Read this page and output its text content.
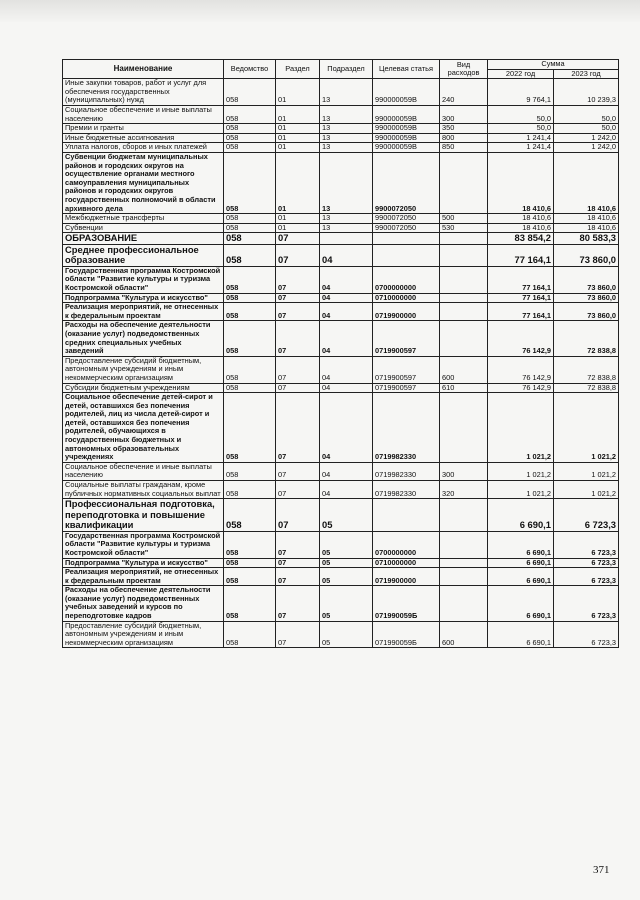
Наименование	Ведомство	Раздел	Подраздел	Целевая статья	Вид расходов	Сумма	
						2022 год	2023 год
Иные закупки товаров, работ и услуг для обеспечения государственных (муниципальных) нужд	058	01	13	990000059В	240	9 764,1	10 239,3
Социальное обеспечение и иные выплаты населению	058	01	13	990000059В	300	50,0	50,0
Премии и гранты	058	01	13	990000059В	350	50,0	50,0
Иные бюджетные ассигнования	058	01	13	990000059В	800	1 241,4	1 242,0
Уплата налогов, сборов и иных платежей	058	01	13	990000059В	850	1 241,4	1 242,0
Субвенции бюджетам муниципальных районов и городских округов на осуществление органами местного самоуправления муниципальных районов и городских округов государственных полномочий в области архивного дела	058	01	13	9900072050		18 410,6	18 410,6
Межбюджетные трансферты	058	01	13	9900072050	500	18 410,6	18 410,6
Субвенции	058	01	13	9900072050	530	18 410,6	18 410,6
ОБРАЗОВАНИЕ	058	07				83 854,2	80 583,3
Среднее профессиональное образование	058	07	04			77 164,1	73 860,0
Государственная программа Костромской области "Развитие культуры и туризма Костромской области"	058	07	04	0700000000		77 164,1	73 860,0
Подпрограмма "Культура и искусство"	058	07	04	0710000000		77 164,1	73 860,0
Реализация мероприятий, не отнесенных к федеральным проектам	058	07	04	0719900000		77 164,1	73 860,0
Расходы на обеспечение деятельности (оказание услуг) подведомственных средних специальных учебных заведений	058	07	04	0719900597		76 142,9	72 838,8
Предоставление субсидий бюджетным, автономным учреждениям и иным некоммерческим организациям	058	07	04	0719900597	600	76 142,9	72 838,8
Субсидии бюджетным учреждениям	058	07	04	0719900597	610	76 142,9	72 838,8
Социальное обеспечение детей-сирот и детей, оставшихся без попечения родителей, лиц из числа детей-сирот и детей, оставшихся без попечения родителей, обучающихся в государственных бюджетных и автономных образовательных учреждениях	058	07	04	0719982330		1 021,2	1 021,2
Социальное обеспечение и иные выплаты населению	058	07	04	0719982330	300	1 021,2	1 021,2
Социальные выплаты гражданам, кроме публичных нормативных социальных выплат	058	07	04	0719982330	320	1 021,2	1 021,2
Профессиональная подготовка, переподготовка и повышение квалификации	058	07	05			6 690,1	6 723,3
Государственная программа Костромской области "Развитие культуры и туризма Костромской области"	058	07	05	0700000000		6 690,1	6 723,3
Подпрограмма "Культура и искусство"	058	07	05	0710000000		6 690,1	6 723,3
Реализация мероприятий, не отнесенных к федеральным проектам	058	07	05	0719900000		6 690,1	6 723,3
Расходы на обеспечение деятельности (оказание услуг) подведомственных учебных заведений и курсов по переподготовке кадров	058	07	05	071990059Б		6 690,1	6 723,3
Предоставление субсидий бюджетным, автономным учреждениям и иным некоммерческим организациям	058	07	05	071990059Б	600	6 690,1	6 723,3
371
